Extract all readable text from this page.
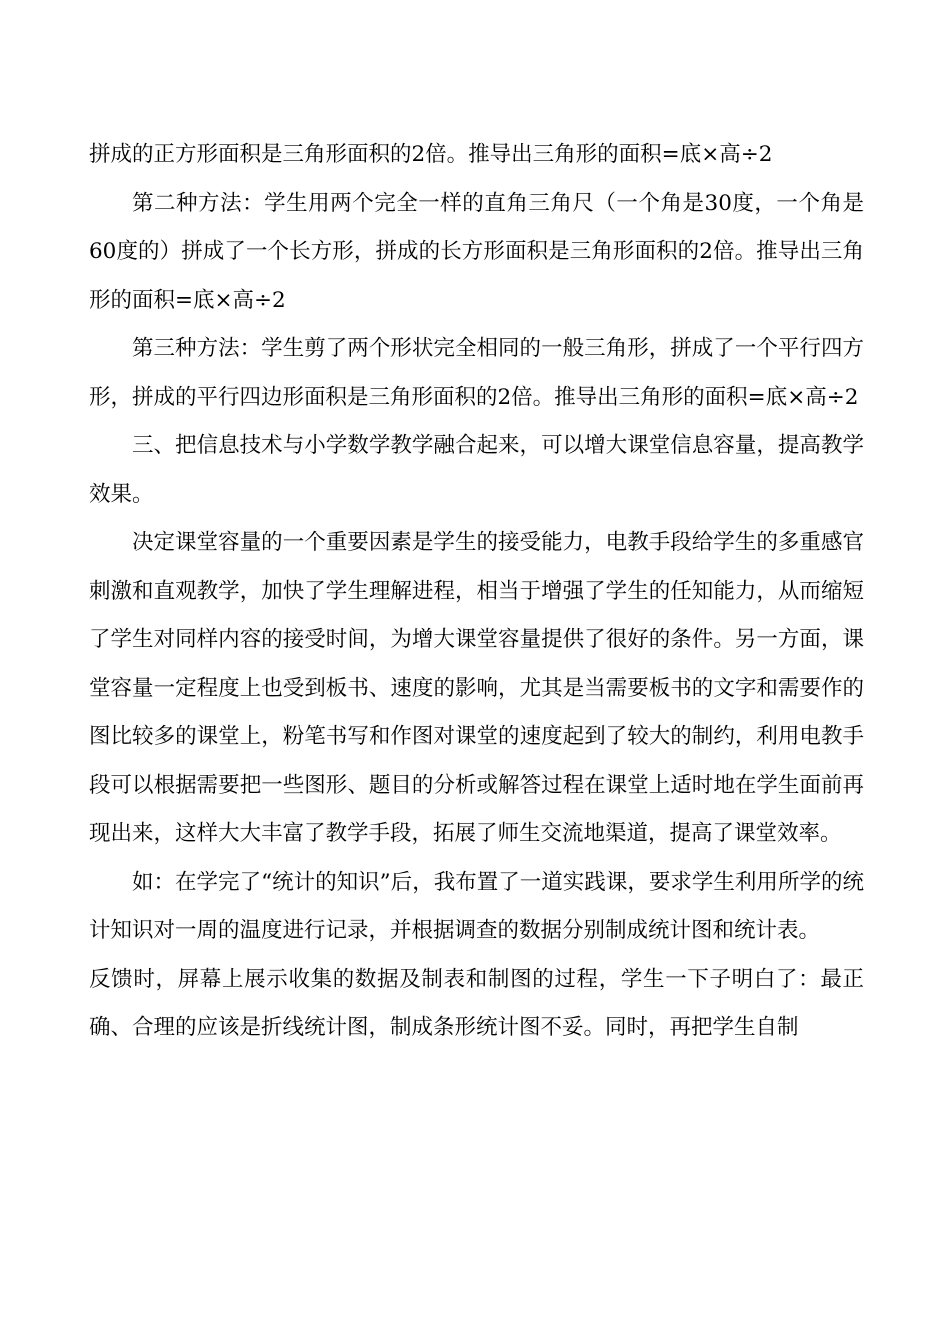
拼成的正方形面积是三角形面积的2倍。推导出三角形的面积=底×高÷2

第二种方法：学生用两个完全一样的直角三角尺（一个角是30度，一个角是60度的）拼成了一个长方形，拼成的长方形面积是三角形面积的2倍。推导出三角形的面积=底×高÷2

第三种方法：学生剪了两个形状完全相同的一般三角形，拼成了一个平行四方形，拼成的平行四边形面积是三角形面积的2倍。推导出三角形的面积=底×高÷2

三、把信息技术与小学数学教学融合起来，可以增大课堂信息容量，提高教学效果。

决定课堂容量的一个重要因素是学生的接受能力，电教手段给学生的多重感官刺激和直观教学，加快了学生理解进程，相当于增强了学生的任知能力，从而缩短了学生对同样内容的接受时间，为增大课堂容量提供了很好的条件。另一方面，课堂容量一定程度上也受到板书、速度的影响，尤其是当需要板书的文字和需要作的图比较多的课堂上，粉笔书写和作图对课堂的速度起到了较大的制约，利用电教手段可以根据需要把一些图形、题目的分析或解答过程在课堂上适时地在学生面前再现出来，这样大大丰富了教学手段，拓展了师生交流地渠道，提高了课堂效率。

如：在学完了“统计的知识”后，我布置了一道实践课，要求学生利用所学的统计知识对一周的温度进行记录，并根据调查的数据分别制成统计图和统计表。

反馈时，屏幕上展示收集的数据及制表和制图的过程，学生一下子明白了：最正确、合理的应该是折线统计图，制成条形统计图不妥。同时，再把学生自制
